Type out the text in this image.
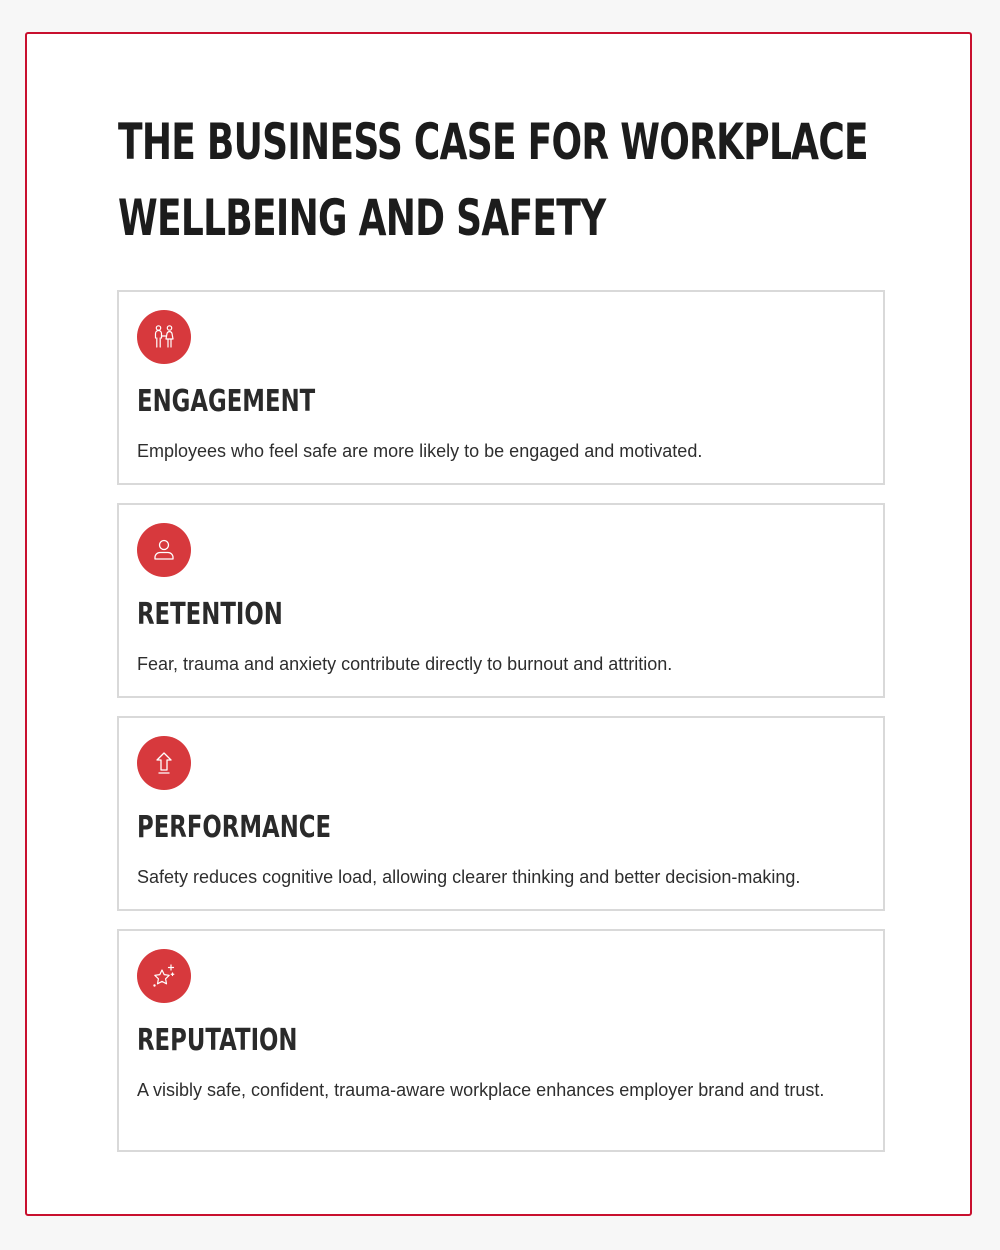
THE BUSINESS CASE FOR WORKPLACE
WELLBEING AND SAFETY
ENGAGEMENT

Employees who feel safe are more likely to be engaged and motivated.

RETENTION

Fear, trauma and anxiety contribute directly to burnout and attrition.

PERFORMANCE

Safety reduces cognitive load, allowing clearer thinking and better decision-making.

REPUTATION

A visibly safe, confident, trauma-aware workplace enhances employer brand and trust.
